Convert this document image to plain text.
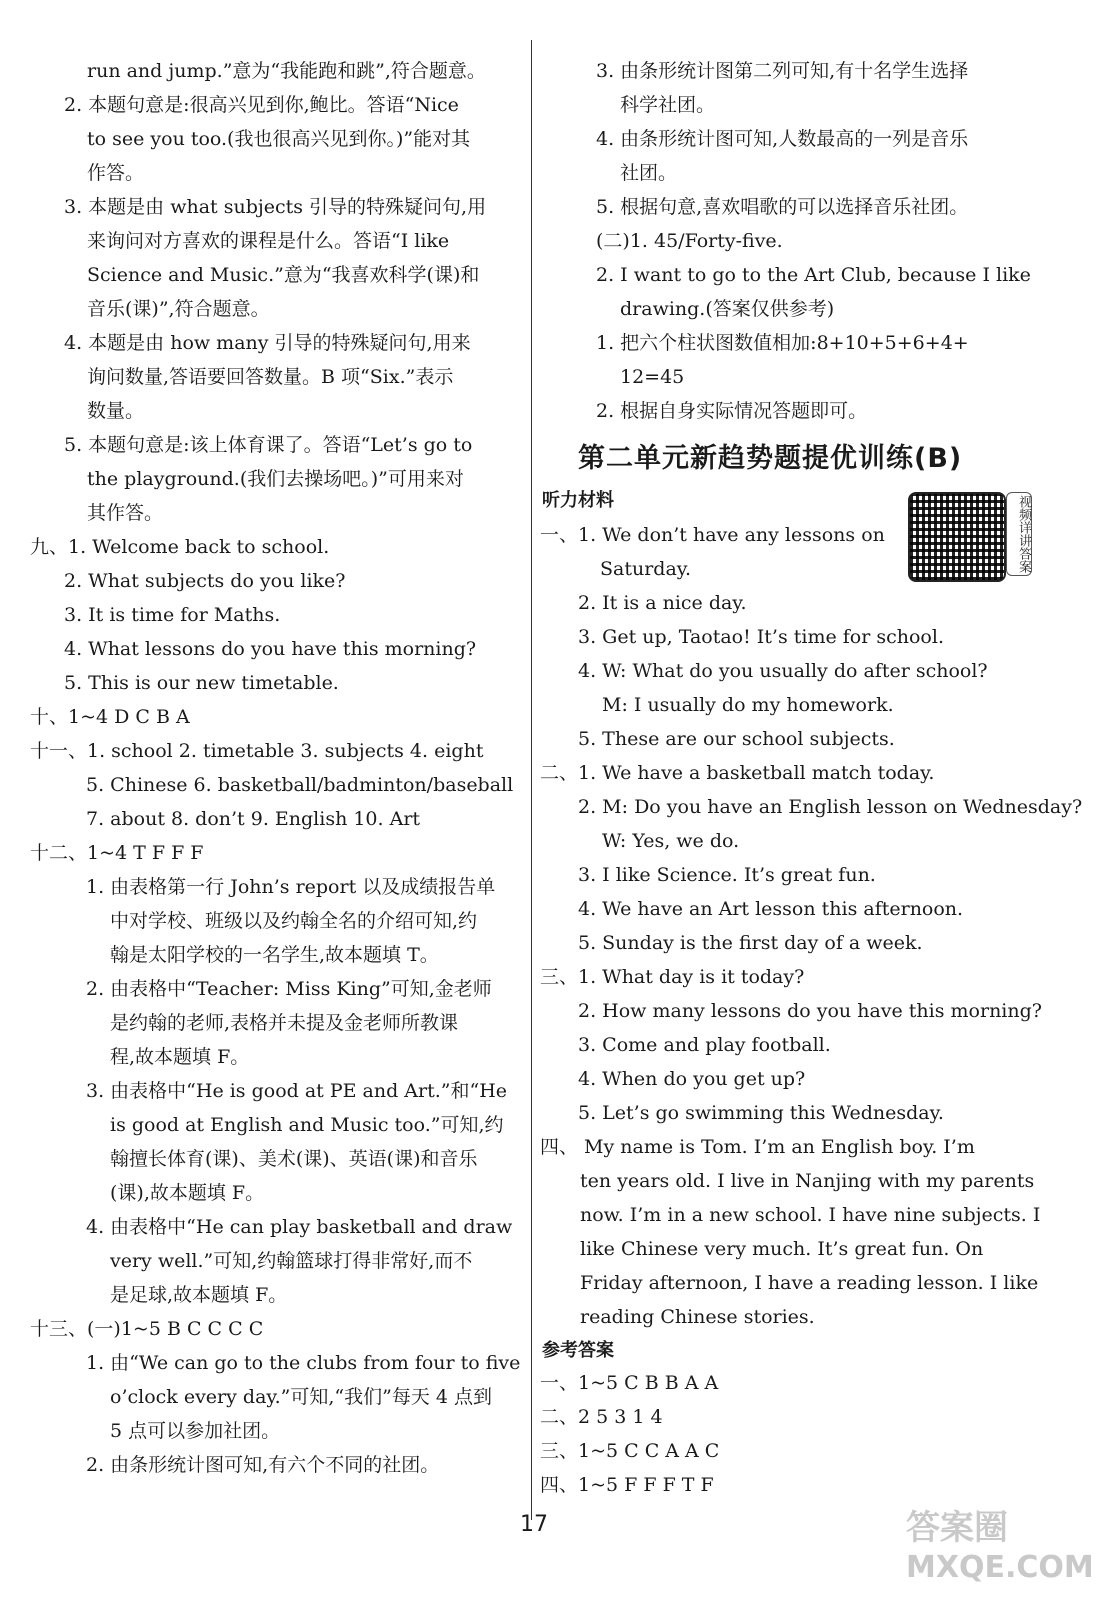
run and jump.”意为“我能跑和跳”,符合题意。
2. 本题句意是:很高兴见到你,鲍比。答语“Nice
to see you too.(我也很高兴见到你。)”能对其
作答。
3. 本题是由 what subjects 引导的特殊疑问句,用
来询问对方喜欢的课程是什么。答语“I like
Science and Music.”意为“我喜欢科学(课)和
音乐(课)”,符合题意。
4. 本题是由 how many 引导的特殊疑问句,用来
询问数量,答语要回答数量。B 项“Six.”表示
数量。
5. 本题句意是:该上体育课了。答语“Let’s go to
the playground.(我们去操场吧。)”可用来对
其作答。
九、1. Welcome back to school.
2. What subjects do you like?
3. It is time for Maths.
4. What lessons do you have this morning?
5. This is our new timetable.
十、1~4 D C B A
十一、1. school 2. timetable 3. subjects 4. eight
5. Chinese 6. basketball/badminton/baseball
7. about 8. don’t 9. English 10. Art
十二、1~4 T F F F
1. 由表格第一行 John’s report 以及成绩报告单
中对学校、班级以及约翰全名的介绍可知,约
翰是太阳学校的一名学生,故本题填 T。
2. 由表格中“Teacher: Miss King”可知,金老师
是约翰的老师,表格并未提及金老师所教课
程,故本题填 F。
3. 由表格中“He is good at PE and Art.”和“He
is good at English and Music too.”可知,约
翰擅长体育(课)、美术(课)、英语(课)和音乐
(课),故本题填 F。
4. 由表格中“He can play basketball and draw
very well.”可知,约翰篮球打得非常好,而不
是足球,故本题填 F。
十三、(一)1~5 B C C C C
1. 由“We can go to the clubs from four to five
o’clock every day.”可知,“我们”每天 4 点到
5 点可以参加社团。
2. 由条形统计图可知,有六个不同的社团。
3. 由条形统计图第二列可知,有十名学生选择
科学社团。
4. 由条形统计图可知,人数最高的一列是音乐
社团。
5. 根据句意,喜欢唱歌的可以选择音乐社团。
(二)1. 45/Forty-five.
2. I want to go to the Art Club, because I like
drawing.(答案仅供参考)
1. 把六个柱状图数值相加:8+10+5+6+4+
12=45
2. 根据自身实际情况答题即可。
第二单元新趋势题提优训练(B)
听力材料	视频详讲答案
一、1. We don’t have any lessons on
Saturday.
2. It is a nice day.
3. Get up, Taotao! It’s time for school.
4. W: What do you usually do after school?
M: I usually do my homework.
5. These are our school subjects.
二、1. We have a basketball match today.
2. M: Do you have an English lesson on Wednesday?
W: Yes, we do.
3. I like Science. It’s great fun.
4. We have an Art lesson this afternoon.
5. Sunday is the first day of a week.
三、1. What day is it today?
2. How many lessons do you have this morning?
3. Come and play football.
4. When do you get up?
5. Let’s go swimming this Wednesday.
四、 My name is Tom. I’m an English boy. I’m
ten years old. I live in Nanjing with my parents
now. I’m in a new school. I have nine subjects. I
like Chinese very much. It’s great fun. On
Friday afternoon, I have a reading lesson. I like
reading Chinese stories.
参考答案
一、1~5 C B B A A
二、2 5 3 1 4
三、1~5 C C A A C
四、1~5 F F F T F
17	答案圈
MXQE.COM
